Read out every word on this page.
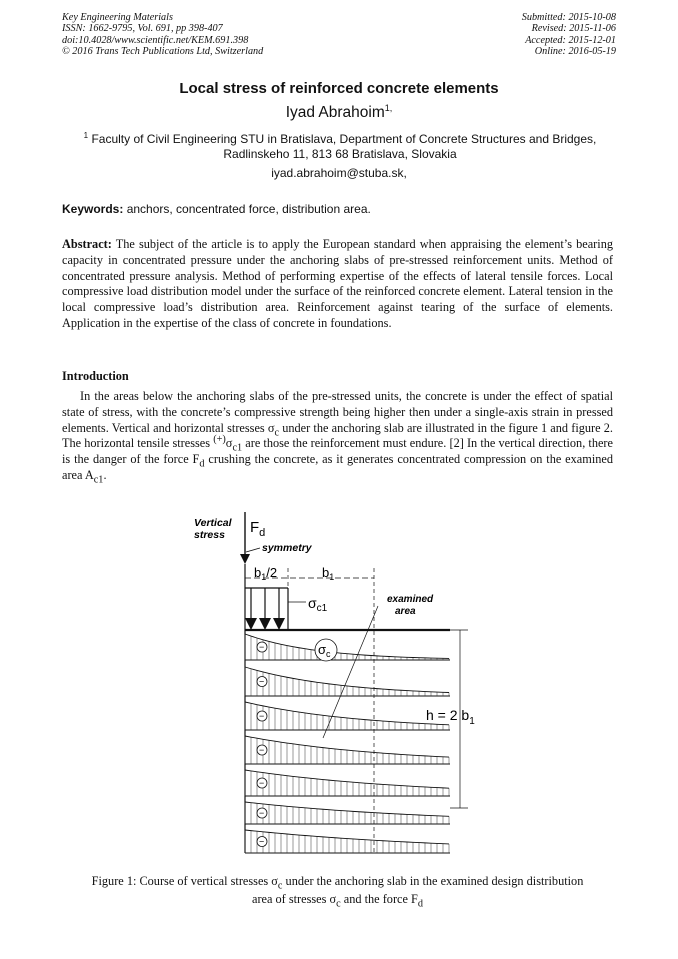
Key Engineering Materials
ISSN: 1662-9795, Vol. 691, pp 398-407
doi:10.4028/www.scientific.net/KEM.691.398
© 2016 Trans Tech Publications Ltd, Switzerland
Submitted: 2015-10-08
Revised: 2015-11-06
Accepted: 2015-12-01
Online: 2016-05-19
Local stress of reinforced concrete elements
Iyad Abrahoim$^{1,}$
$^1$ Faculty of Civil Engineering STU in Bratislava, Department of Concrete Structures and Bridges,
Radlinskeho 11, 813 68 Bratislava, Slovakia
iyad.abrahoim@stuba.sk,
Keywords: anchors, concentrated force, distribution area.
Abstract: The subject of the article is to apply the European standard when appraising the element’s bearing capacity in concentrated pressure under the anchoring slabs of pre-stressed reinforcement units. Method of concentrated pressure analysis. Method of performing expertise of the effects of lateral tensile forces. Local compressive load distribution model under the surface of the reinforced concrete element. Lateral tension in the local compressive load’s distribution area. Reinforcement against tearing of the surface of elements. Application in the expertise of the class of concrete in foundations.
Introduction
In the areas below the anchoring slabs of the pre-stressed units, the concrete is under the effect of spatial state of stress, with the concrete’s compressive strength being higher then under a single-axis strain in pressed elements. Vertical and horizontal stresses $\sigma_c$ under the anchoring slab are illustrated in the figure 1 and figure 2. The horizontal tensile stresses $^{(+)}\sigma_{c1}$ are those the reinforcement must endure. [2] In the vertical direction, there is the danger of the force $F_d$ crushing the concrete, as it generates concentrated compression on the examined area $A_{c1}$.
Vertical
stress $F_d$
symmetry
$b_1/2$	$b_1$
$\sigma_{c1}$
examined
area
−
−
−
−
−
−
−
$\sigma_c$
h = 2 $b_1$
Figure 1: Course of vertical stresses $\sigma_c$ under the anchoring slab in the examined design distribution
area of stresses $\sigma_c$ and the force $F_d$
